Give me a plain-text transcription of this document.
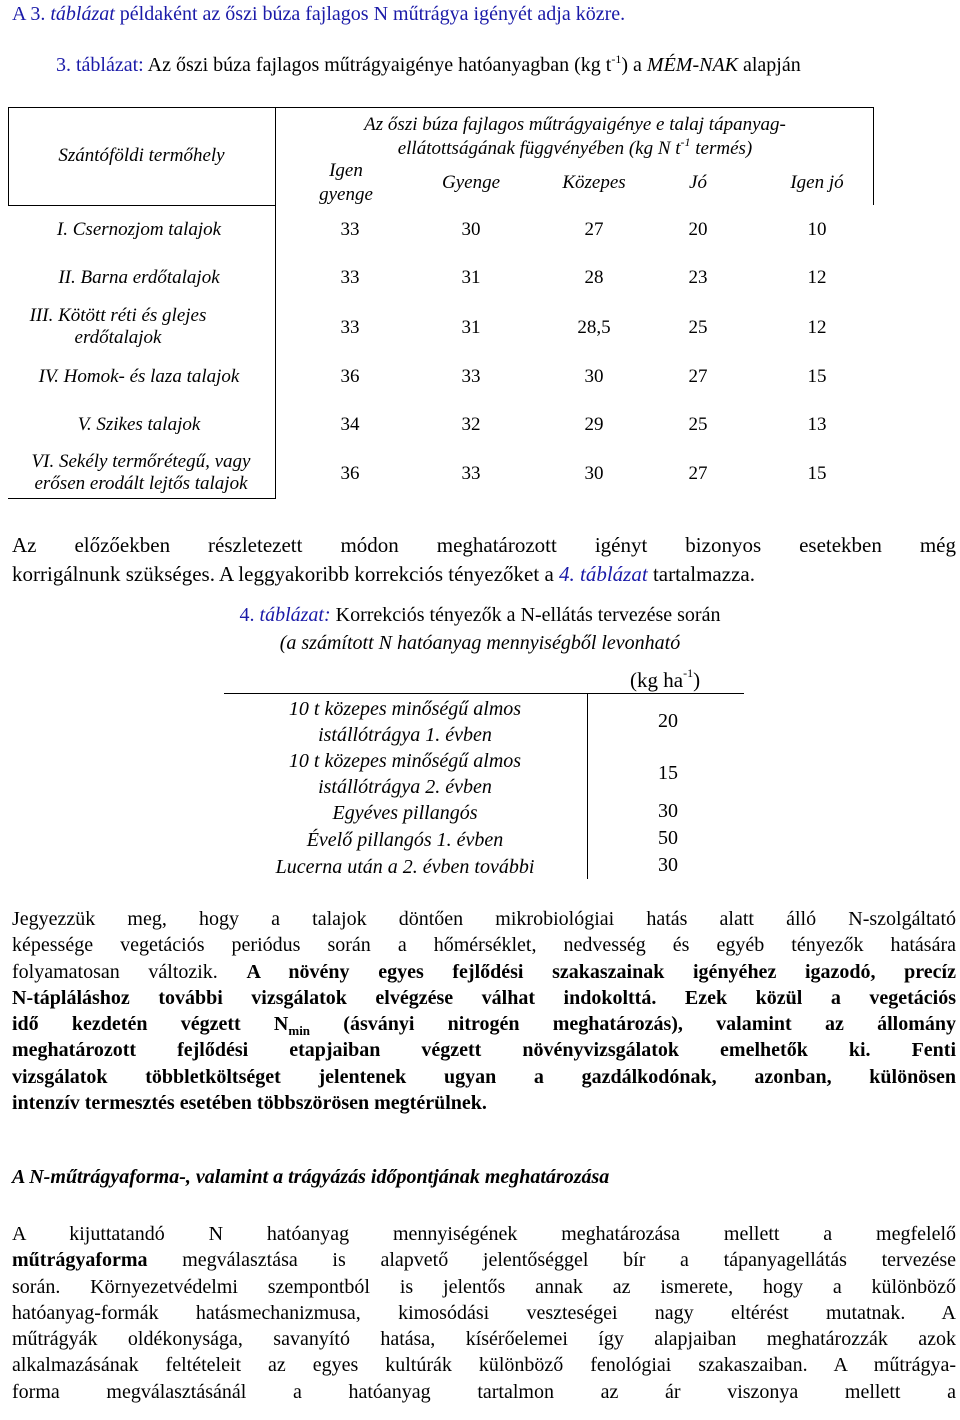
A 3. táblázat példaként az őszi búza fajlagos N műtrágya igényét adja közre.
3. táblázat: Az őszi búza fajlagos műtrágyaigénye hatóanyagban (kg $t^{-1}$) a MÉM-NAK alapján
Szántóföldi termőhely
Az őszi búza fajlagos műtrágyaigénye e talaj tápanyag-
ellátottságának függvényében (kg N $t^{-1}$ termés)
Igen gyenge
Gyenge	Közepes	Jó	Igen jó
I. Csernozjom talajok	33	30	27	20	10
II. Barna erdőtalajok	33	31	28	23	12
III. Kötött réti és glejes erdőtalajok	33	31	28,5	25	12
IV. Homok- és laza talajok	36	33	30	27	15
V. Szikes talajok	34	32	29	25	13
VI. Sekély termőrétegű, vagy erősen erodált lejtős talajok	36	33	30	27	15
Az előzőekben részletezett módon meghatározott igényt bizonyos esetekben még
korrigálnunk szükséges. A leggyakoribb korrekciós tényezőket a 4. táblázat tartalmazza.
4. táblázat: Korrekciós tényezők a N-ellátás tervezése során
(a számított N hatóanyag mennyiségből levonható
(kg $ha^{-1}$)
10 t közepes minőségű almos
istállótrágya 1. évben
20
10 t közepes minőségű almos
istállótrágya 2. évben
15
Egyéves pillangós	30
Évelő pillangós 1. évben	50
Lucerna után a 2. évben további	30
Jegyezzük meg, hogy a talajok döntően mikrobiológiai hatás alatt álló N-szolgáltató
képessége vegetációs periódus során a hőmérséklet, nedvesség és egyéb tényezők hatására
folyamatosan változik. A növény egyes fejlődési szakaszainak igényéhez igazodó, precíz
N-tápláláshoz további vizsgálatok elvégzése válhat indokolttá. Ezek közül a vegetációs
idő kezdetén végzett $N_{min}$ (ásványi nitrogén meghatározás), valamint az állomány
meghatározott fejlődési etapjaiban végzett növényvizsgálatok emelhetők ki. Fenti
vizsgálatok többletköltséget jelentenek ugyan a gazdálkodónak, azonban, különösen
intenzív termesztés esetében többszörösen megtérülnek.
A N-műtrágyaforma-, valamint a trágyázás időpontjának meghatározása
A kijuttatandó N hatóanyag mennyiségének meghatározása mellett a megfelelő
műtrágyaforma megválasztása is alapvető jelentőséggel bír a tápanyagellátás tervezése
során. Környezetvédelmi szempontból is jelentős annak az ismerete, hogy a különböző
hatóanyag-formák hatásmechanizmusa, kimosódási veszteségei nagy eltérést mutatnak. A
műtrágyák oldékonysága, savanyító hatása, kísérőelemei így alapjaiban meghatározzák azok
alkalmazásának feltételeit az egyes kultúrák különböző fenológiai szakaszaiban. A műtrágya-
forma megválasztásánál a hatóanyag tartalmon az ár viszonya mellett a
